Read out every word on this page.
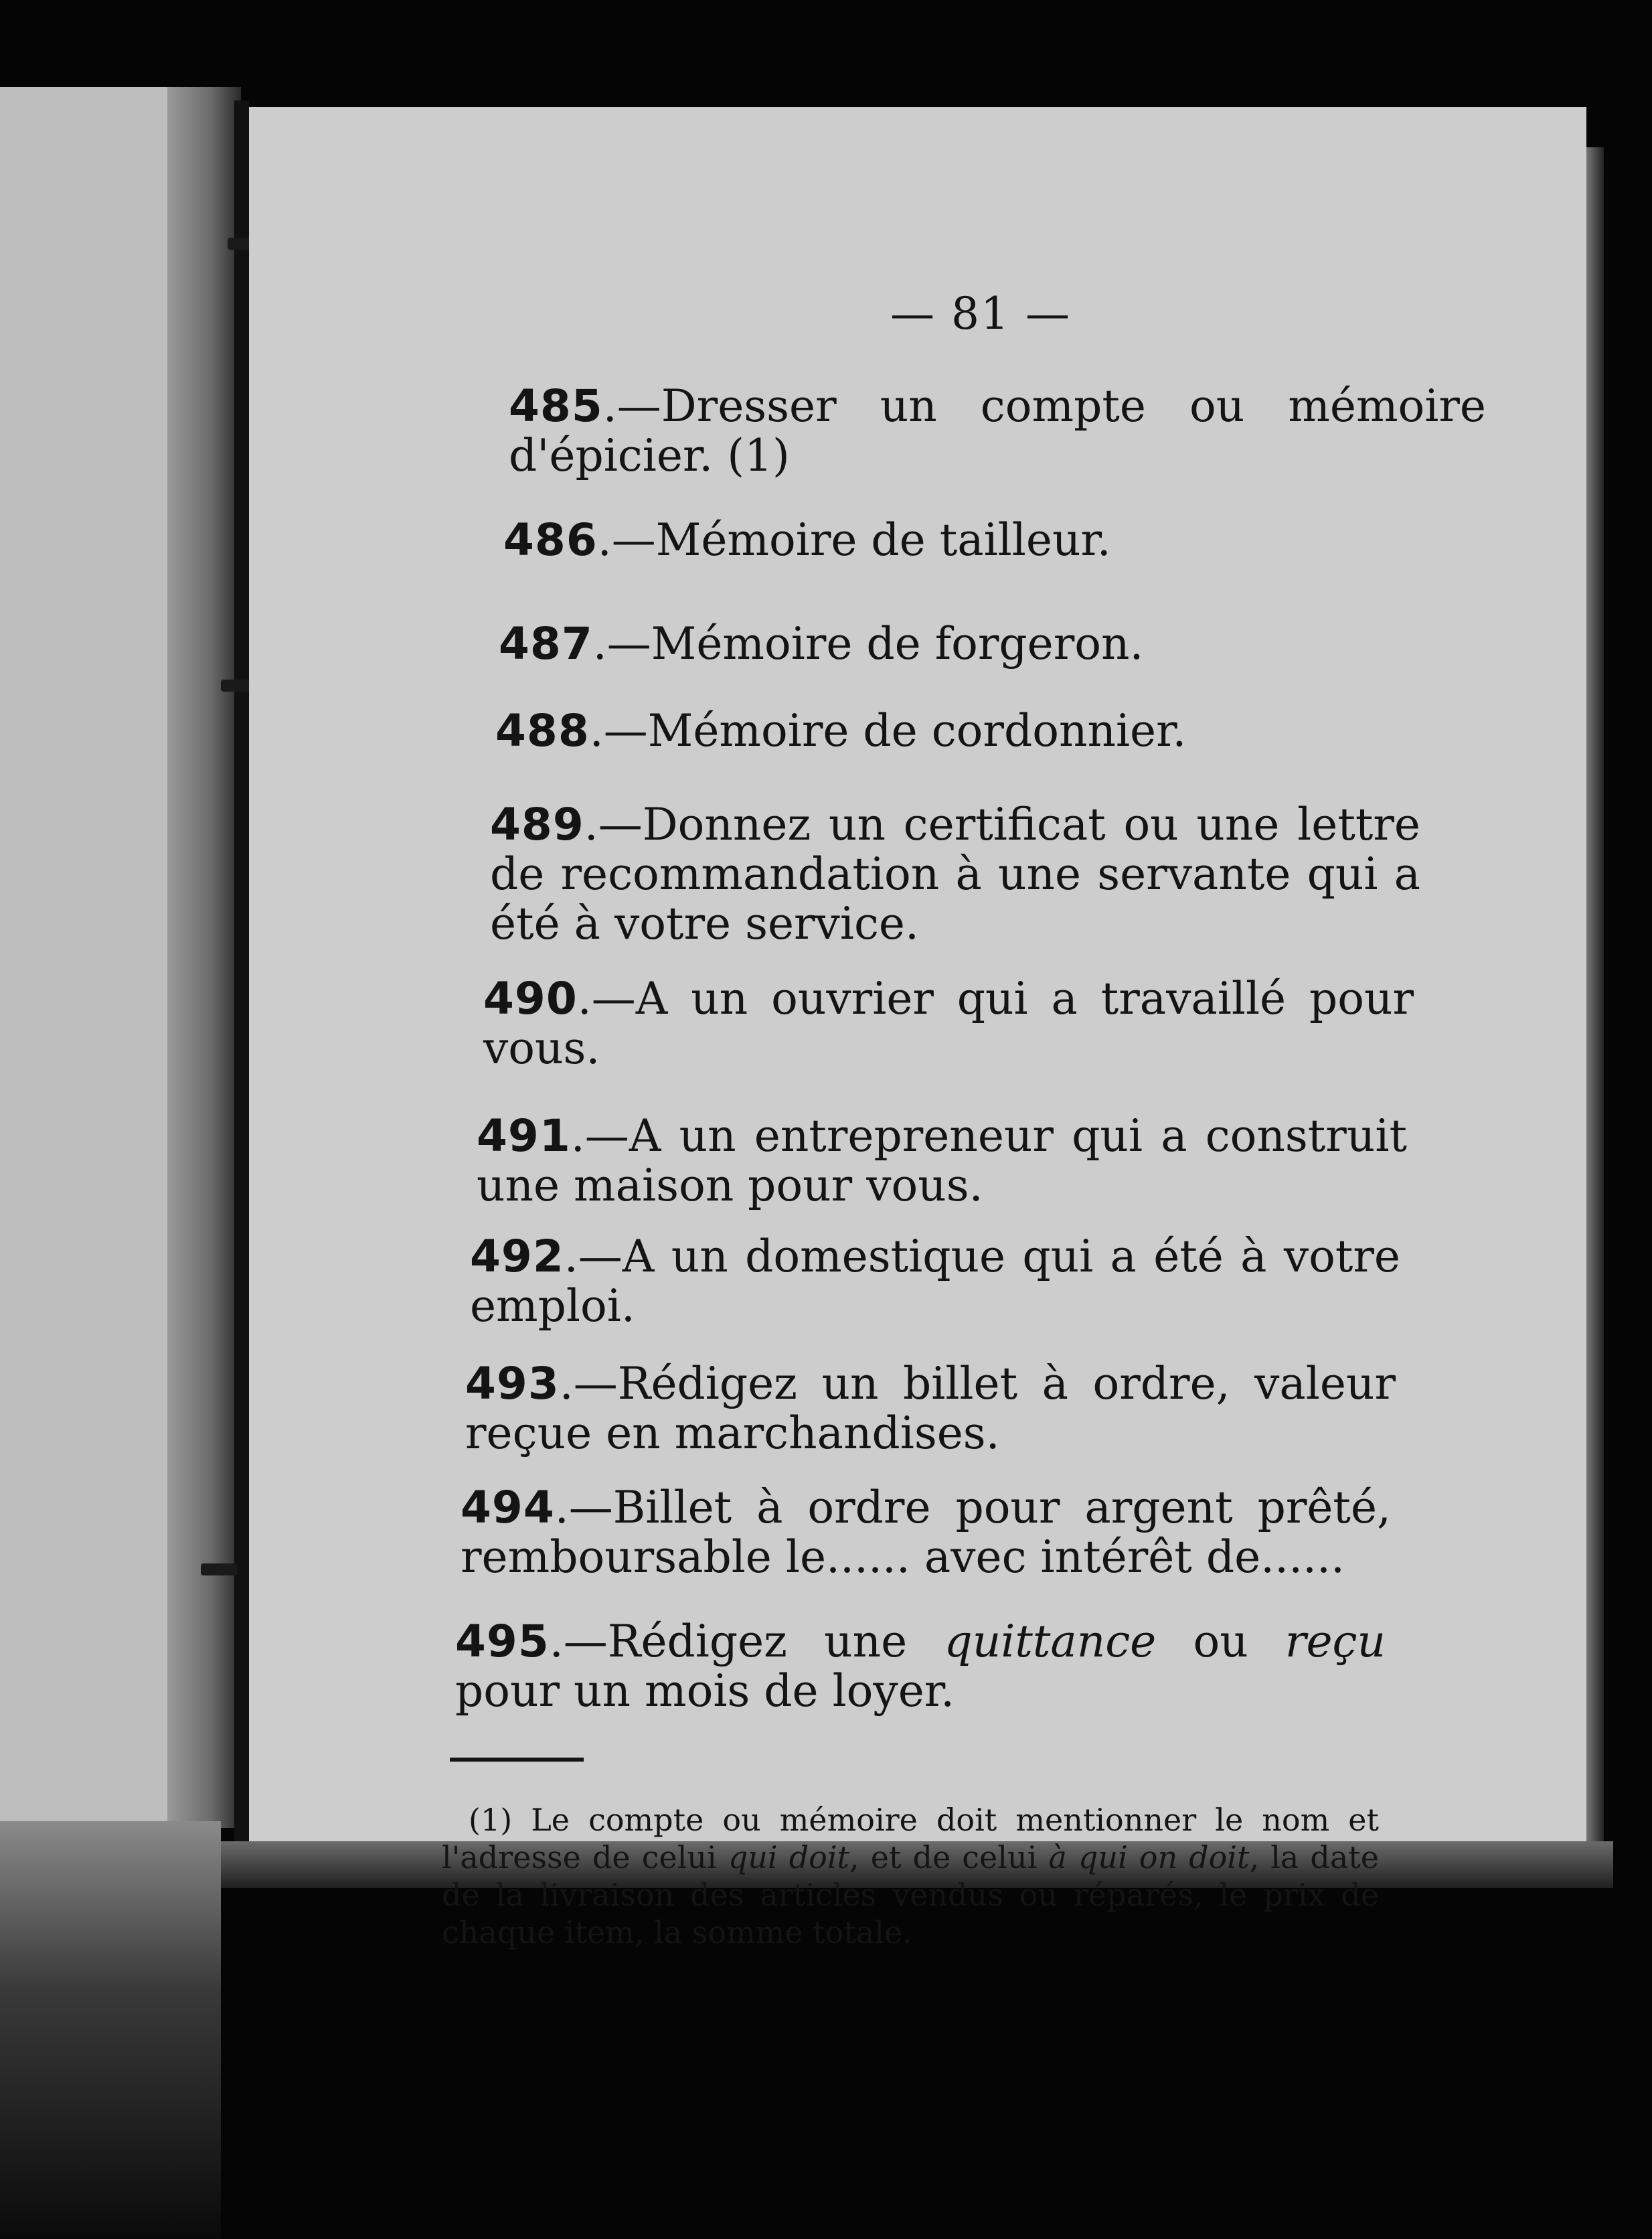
— 81 —
485.—Dresser un compte ou mémoire d'épicier. (1)
486.—Mémoire de tailleur.
487.—Mémoire de forgeron.
488.—Mémoire de cordonnier.
489.—Donnez un certificat ou une lettre de recommandation à une servante qui a été à votre service.
490.—A un ouvrier qui a travaillé pour vous.
491.—A un entrepreneur qui a construit une maison pour vous.
492.—A un domestique qui a été à votre emploi.
493.—Rédigez un billet à ordre, valeur reçue en marchandises.
494.—Billet à ordre pour argent prêté, remboursable le...... avec intérêt de......
495.—Rédigez une quittance ou reçu pour un mois de loyer.
(1) Le compte ou mémoire doit mentionner le nom et l'adresse de celui qui doit, et de celui à qui on doit, la date de la livraison des articles vendus ou réparés, le prix de chaque item, la somme totale.
